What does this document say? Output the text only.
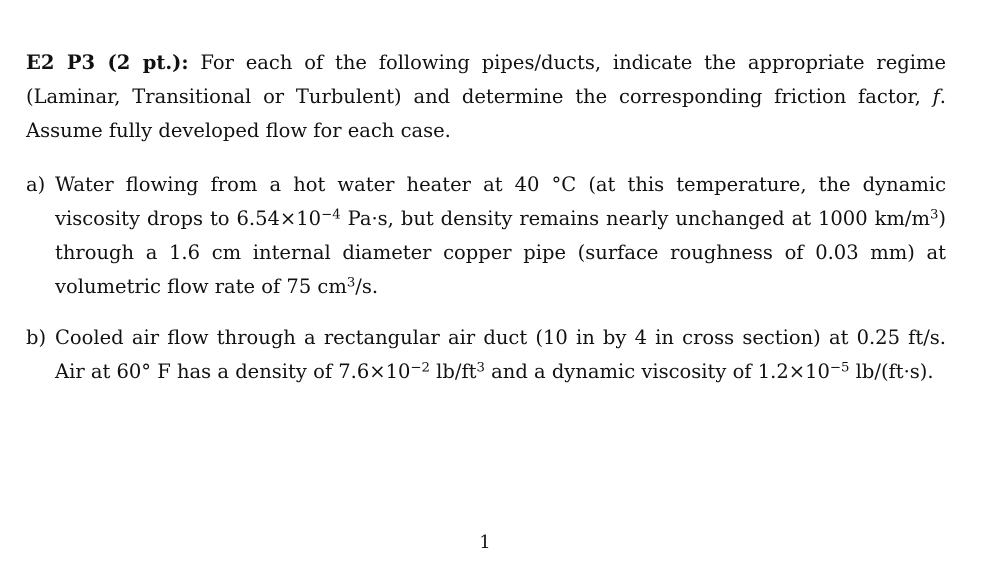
E2 P3 (2 pt.): For each of the following pipes/ducts, indicate the appropriate regime (Laminar, Transitional or Turbulent) and determine the corresponding friction factor, f. Assume fully developed flow for each case.

a) Water flowing from a hot water heater at 40 °C (at this temperature, the dynamic viscosity drops to $6.54\times 10^{-4}$ Pa·s, but density remains nearly unchanged at 1000 $km/m^3$) through a 1.6 cm internal diameter copper pipe (surface roughness of 0.03 mm) at volumetric flow rate of 75 $cm^3/s$.
b) Cooled air flow through a rectangular air duct (10 in by 4 in cross section) at 0.25 ft/s. Air at 60° F has a density of $7.6\times 10^{-2}$ $lb/ft^3$ and a dynamic viscosity of $1.2\times 10^{-5}$ lb/(ft·s).
1
